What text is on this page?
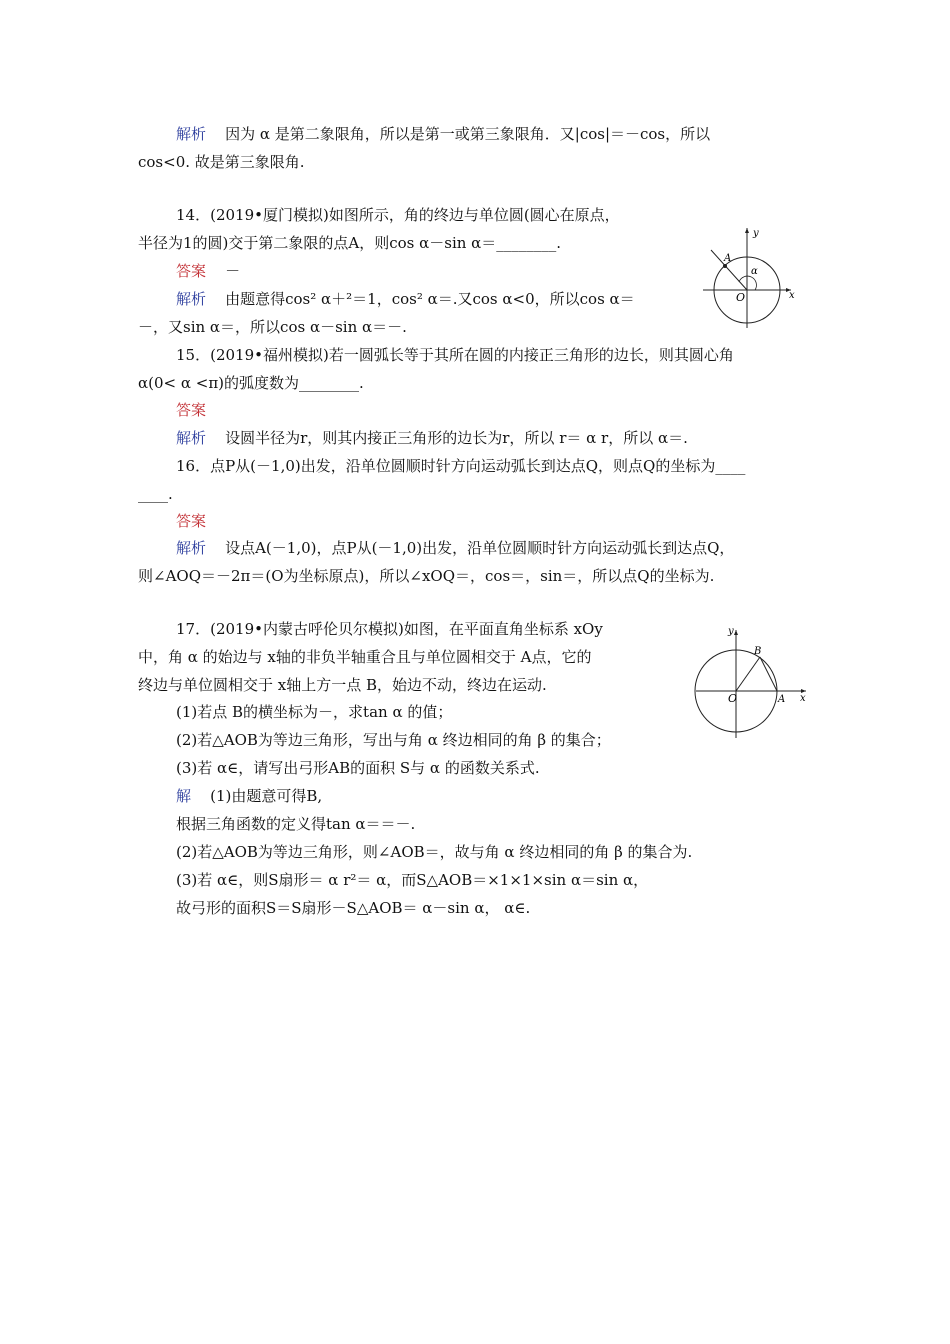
解析 因为 α 是第二象限角，所以是第一或第三象限角．又|cos|＝－cos，所以
cos<0. 故是第三象限角.
14．(2019•厦门模拟)如图所示，角的终边与单位圆(圆心在原点，
半径为1的圆)交于第二象限的点A，则cos α－sin α＝________.
答案 －
解析 由题意得cos² α＋²＝1，cos² α＝.又cos α<0，所以cos α＝
－，又sin α＝，所以cos α－sin α＝－.
y
x
O
A
α
15．(2019•福州模拟)若一圆弧长等于其所在圆的内接正三角形的边长，则其圆心角
α(0< α <π)的弧度数为________.
答案
解析 设圆半径为r，则其内接正三角形的边长为r，所以 r＝ α r，所以 α＝.
16．点P从(－1,0)出发，沿单位圆顺时针方向运动弧长到达点Q，则点Q的坐标为____
____.
答案
解析 设点A(－1,0)，点P从(－1,0)出发，沿单位圆顺时针方向运动弧长到达点Q，
则∠AOQ＝－2π＝(O为坐标原点)，所以∠xOQ＝，cos＝，sin＝，所以点Q的坐标为.
17．(2019•内蒙古呼伦贝尔模拟)如图，在平面直角坐标系 xOy
中，角 α 的始边与 x轴的非负半轴重合且与单位圆相交于 A点，它的
终边与单位圆相交于 x轴上方一点 B，始边不动，终边在运动.
(1)若点 B的横坐标为－，求tan α 的值；
(2)若△AOB为等边三角形，写出与角 α 终边相同的角 β 的集合；
(3)若 α∈，请写出弓形AB的面积 S与 α 的函数关系式.
解 (1)由题意可得B,
根据三角函数的定义得tan α＝＝－.
(2)若△AOB为等边三角形，则∠AOB＝，故与角 α 终边相同的角 β 的集合为.
(3)若 α∈，则S扇形＝ α r²＝ α，而S△AOB＝×1×1×sin α＝sin α，
故弓形的面积S＝S扇形－S△AOB＝ α－sin α， α∈.
y
x
O	A
B
